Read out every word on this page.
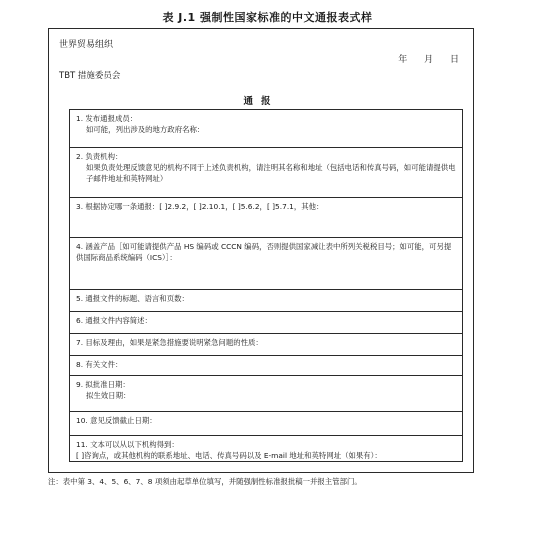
表 J.1 强制性国家标准的中文通报表式样
世界贸易组织
年 月 日
TBT 措施委员会
通报
1. 发布通报成员：
如可能，列出涉及的地方政府名称：
2. 负责机构：
如果负责处理反馈意见的机构不同于上述负责机构，请注明其名称和地址（包括电话和传真号码，如可能请提供电子邮件地址和英特网址）
3. 根据协定哪一条通报：[ ]2.9.2，[ ]2.10.1，[ ]5.6.2，[ ]5.7.1，其他：
4. 涵盖产品［如可能请提供产品 HS 编码或 CCCN 编码，否则提供国家减让表中所列关税税目号；如可能，可另提供国际商品系统编码（ICS）］：
5. 通报文件的标题、语言和页数：
6. 通报文件内容简述：
7. 目标及理由，如果是紧急措施要说明紧急问题的性质：
8. 有关文件：
9. 拟批准日期：
拟生效日期：
10. 意见反馈截止日期：
11. 文本可以从以下机构得到：
[ ]咨询点，或其他机构的联系地址、电话、传真号码以及 E-mail 地址和英特网址（如果有）：
注：表中第 3、4、5、6、7、8 项须由起草单位填写，并随强制性标准报批稿一并报主管部门。
